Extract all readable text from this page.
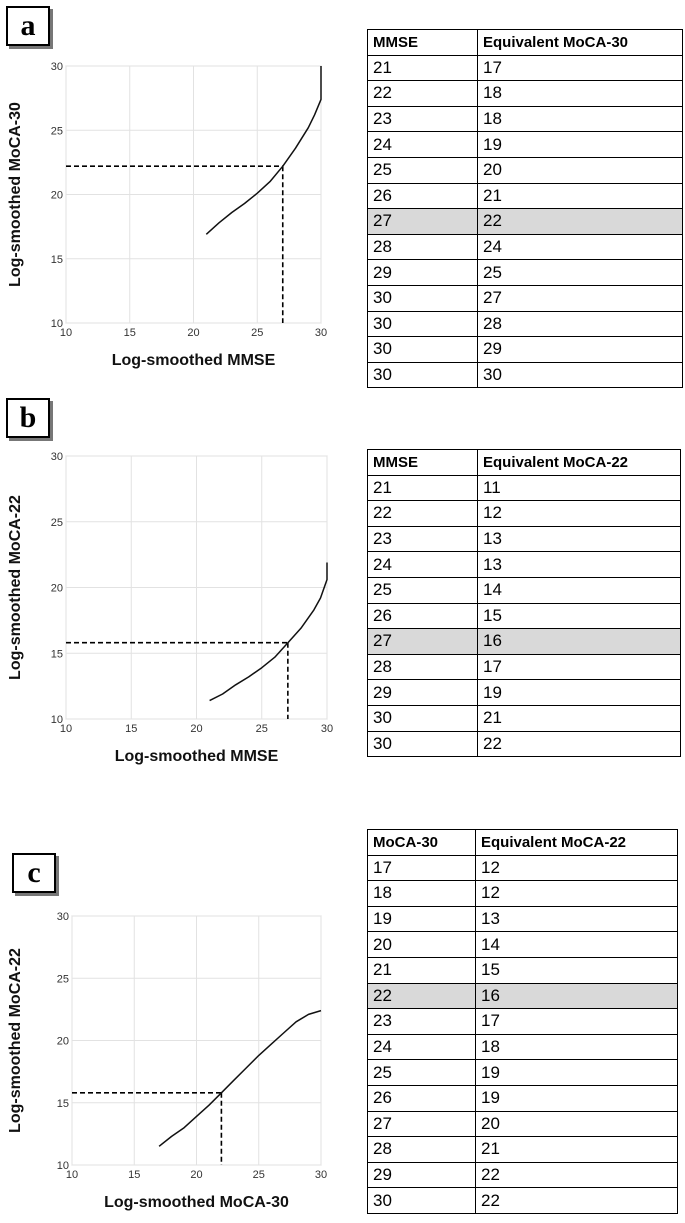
a
b
c
10	15	20	25	30
10
15
20
25
30
Log-smoothed MMSE
Log-smoothed MoCA-30
10	15	20	25	30
10
15
20
25
30
Log-smoothed MMSE
Log-smoothed MoCA-22
10	15	20	25	30
10
15
20
25
30
Log-smoothed MoCA-30
Log-smoothed MoCA-22
MMSE	Equivalent MoCA-30
21	17
22	18
23	18
24	19
25	20
26	21
27	22
28	24
29	25
30	27
30	28
30	29
30	30
MMSE	Equivalent MoCA-22
21	11
22	12
23	13
24	13
25	14
26	15
27	16
28	17
29	19
30	21
30	22
MoCA-30	Equivalent MoCA-22
17	12
18	12
19	13
20	14
21	15
22	16
23	17
24	18
25	19
26	19
27	20
28	21
29	22
30	22
